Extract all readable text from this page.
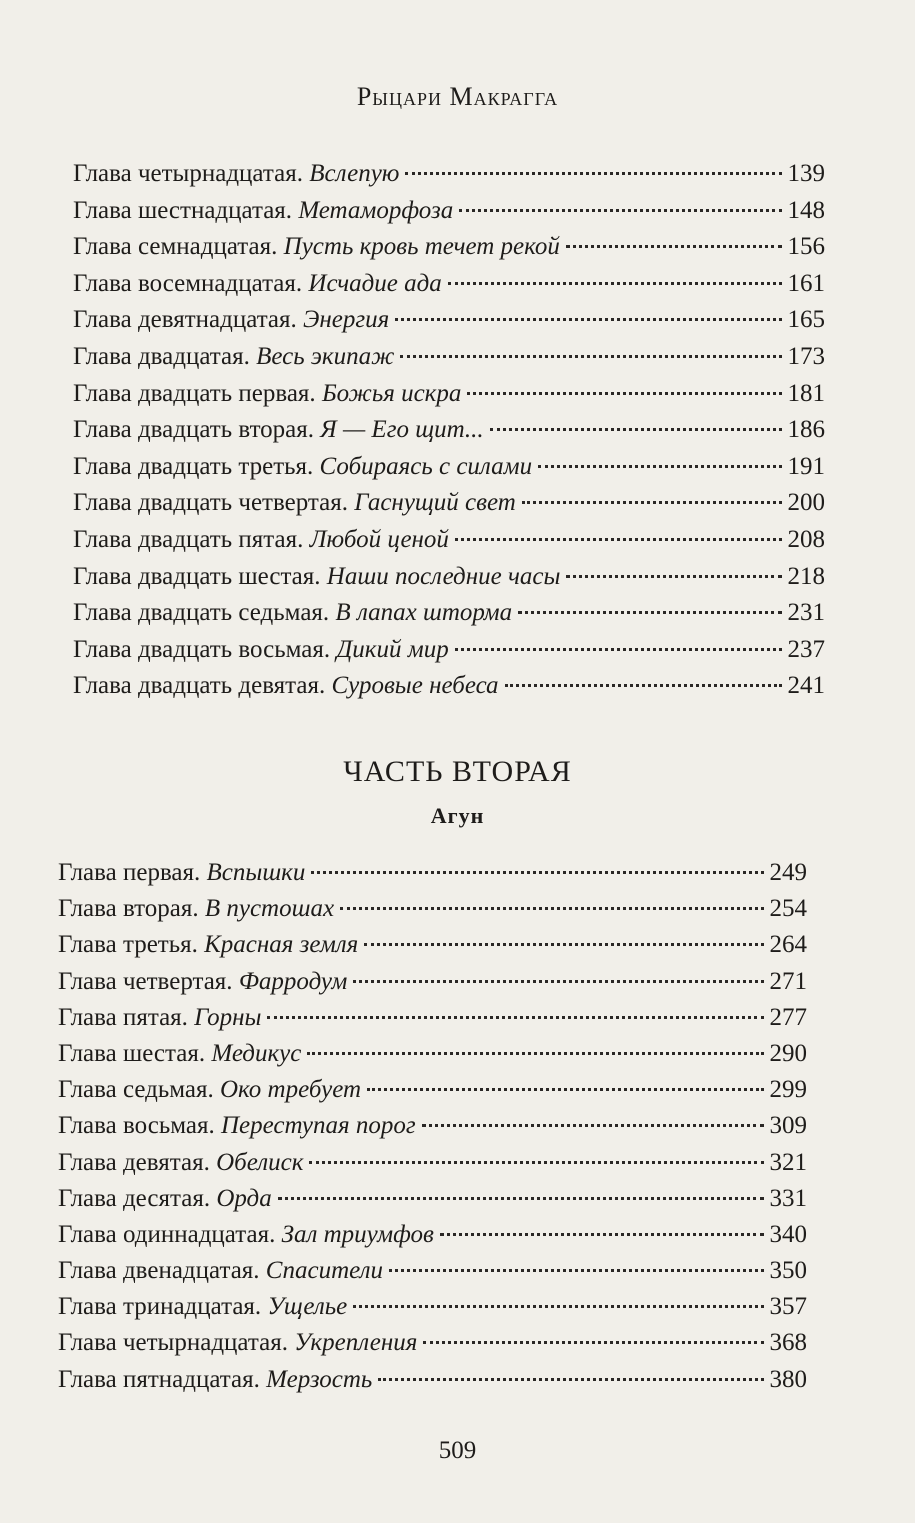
Рыцари Макрагга
Глава четырнадцатая. Вслепую	139
Глава шестнадцатая. Метаморфоза	148
Глава семнадцатая. Пусть кровь течет рекой	156
Глава восемнадцатая. Исчадие ада	161
Глава девятнадцатая. Энергия	165
Глава двадцатая. Весь экипаж	173
Глава двадцать первая. Божья искра	181
Глава двадцать вторая. Я — Его щит...	186
Глава двадцать третья. Собираясь с силами	191
Глава двадцать четвертая. Гаснущий свет	200
Глава двадцать пятая. Любой ценой	208
Глава двадцать шестая. Наши последние часы	218
Глава двадцать седьмая. В лапах шторма	231
Глава двадцать восьмая. Дикий мир	237
Глава двадцать девятая. Суровые небеса	241
ЧАСТЬ ВТОРАЯ
Агун
Глава первая. Вспышки	249
Глава вторая. В пустошах	254
Глава третья. Красная земля	264
Глава четвертая. Фарродум	271
Глава пятая. Горны	277
Глава шестая. Медикус	290
Глава седьмая. Око требует	299
Глава восьмая. Переступая порог	309
Глава девятая. Обелиск	321
Глава десятая. Орда	331
Глава одиннадцатая. Зал триумфов	340
Глава двенадцатая. Спасители	350
Глава тринадцатая. Ущелье	357
Глава четырнадцатая. Укрепления	368
Глава пятнадцатая. Мерзость	380
509
